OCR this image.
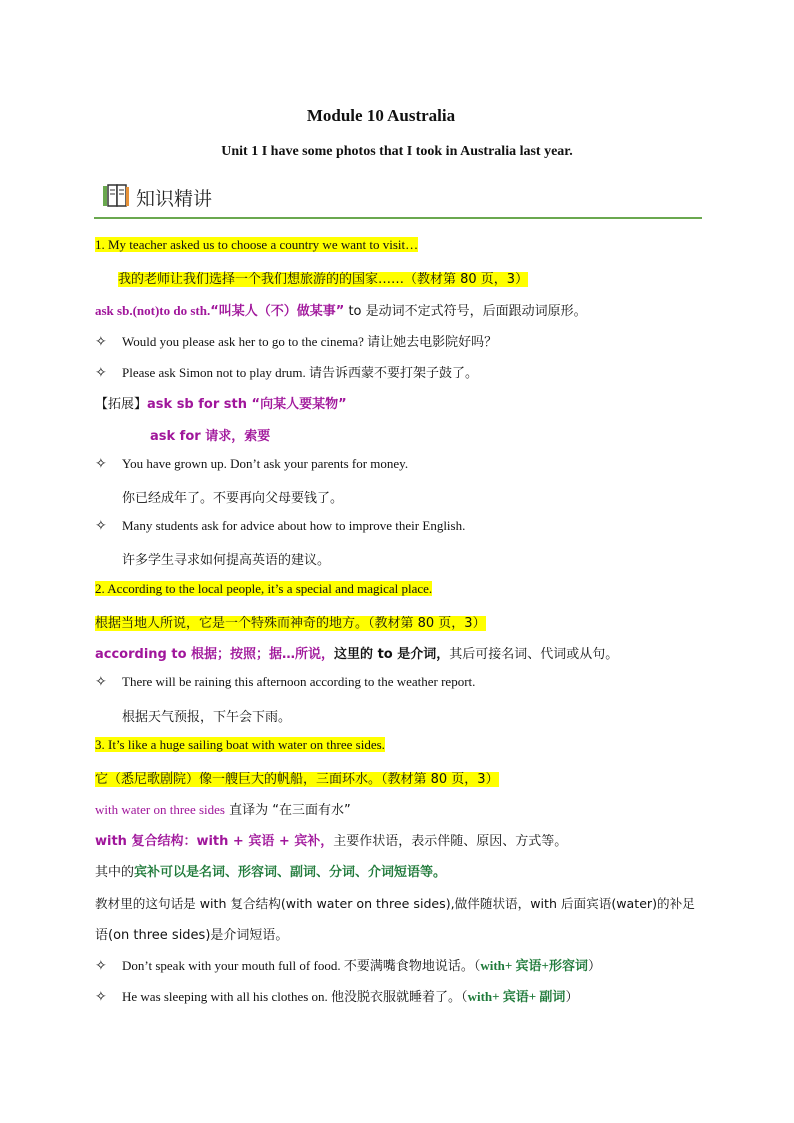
Module 10 Australia
Unit 1 I have some photos that I took in Australia last year.
知识精讲
1. My teacher asked us to choose a country we want to visit…
我的老师让我们选择一个我们想旅游的的国家……（教材第 80 页，3）
ask sb.(not)to do sth.“叫某人（不）做某事” to 是动词不定式符号，后面跟动词原形。
✧ Would you please ask her to go to the cinema? 请让她去电影院好吗？
✧ Please ask Simon not to play drum. 请告诉西蒙不要打架子鼓了。
【拓展】ask sb for sth “向某人要某物”
ask for 请求，索要
✧ You have grown up. Don’t ask your parents for money.
你已经成年了。不要再向父母要钱了。
✧ Many students ask for advice about how to improve their English.
许多学生寻求如何提高英语的建议。
2. According to the local people, it’s a special and magical place.
根据当地人所说，它是一个特殊而神奇的地方。（教材第 80 页，3）
according to 根据；按照；据…所说，这里的 to 是介词，其后可接名词、代词或从句。
✧ There will be raining this afternoon according to the weather report.
根据天气预报，下午会下雨。
3. It’s like a huge sailing boat with water on three sides.
它（悉尼歌剧院）像一艘巨大的帆船，三面环水。（教材第 80 页，3）
with water on three sides 直译为 “在三面有水”
with 复合结构：with + 宾语 + 宾补，主要作状语，表示伴随、原因、方式等。
其中的宾补可以是名词、形容词、副词、分词、介词短语等。
教材里的这句话是 with 复合结构(with water on three sides),做伴随状语，with 后面宾语(water)的补足
语(on three sides)是介词短语。
✧ Don’t speak with your mouth full of food. 不要满嘴食物地说话。（with+ 宾语+形容词）
✧ He was sleeping with all his clothes on. 他没脱衣服就睡着了。（with+ 宾语+ 副词）
